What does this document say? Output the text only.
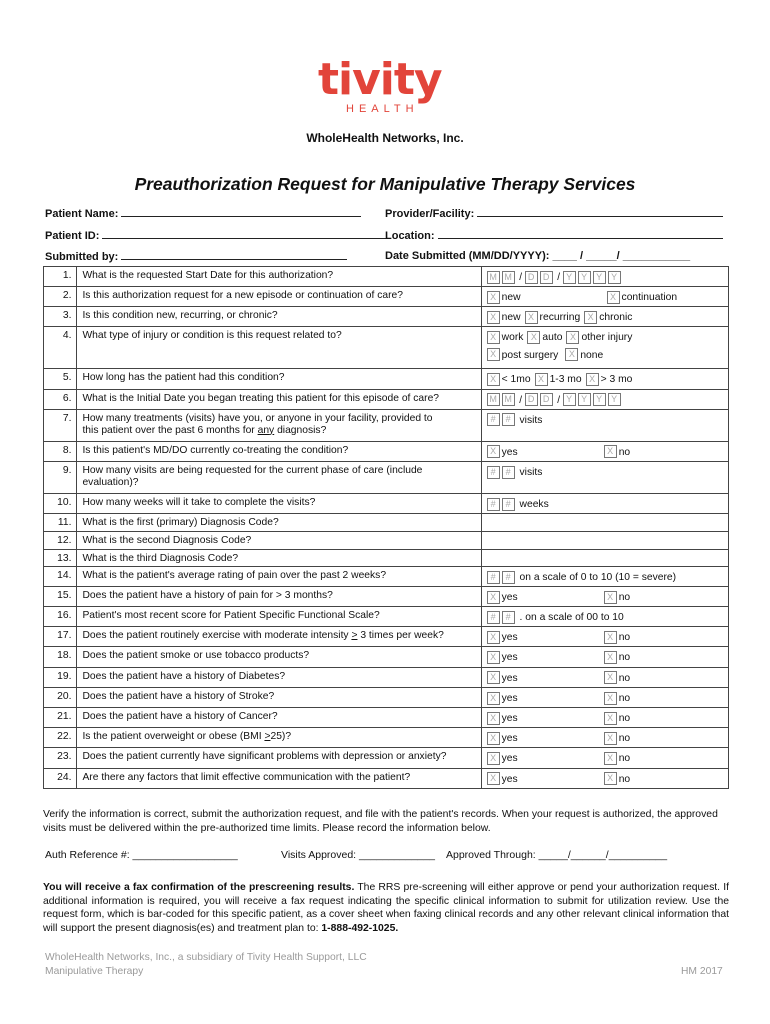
tivity
HEALTH
WholeHealth Networks, Inc.
Preauthorization Request for Manipulative Therapy Services
Patient Name:	Provider/Facility:
Patient ID:	Location:
Submitted by:	Date Submitted (MM/DD/YYYY): ____ / _____/ ___________
1.	What is the requested Start Date for this authorization?	M M / D D / Y Y Y Y

2.	Is this authorization request for a new episode or continuation of care?	X new X continuation

3.	Is this condition new, recurring, or chronic?	X new X recurring X chronic

4.	What type of injury or condition is this request related to?	X work X auto X other injury
X post surgery X none

5.	How long has the patient had this condition?	X < 1mo X 1-3 mo X > 3 mo

6.	What is the Initial Date you began treating this patient for this episode of care?	M M / D D / Y Y Y Y

7.	How many treatments (visits) have you, or anyone in your facility, provided to
this patient over the past 6 months for any diagnosis?	# # visits

8.	Is this patient's MD/DO currently co-treating the condition?	X yes X no

9.	How many visits are being requested for the current phase of care (include
evaluation)?	# # visits

10.	How many weeks will it take to complete the visits?	# # weeks

11.	What is the first (primary) Diagnosis Code?	
12.	What is the second Diagnosis Code?	
13.	What is the third Diagnosis Code?	
14.	What is the patient's average rating of pain over the past 2 weeks?	# # on a scale of 0 to 10 (10 = severe)

15.	Does the patient have a history of pain for > 3 months?	X yes X no

16.	Patient's most recent score for Patient Specific Functional Scale?	# # . on a scale of 00 to 10

17.	Does the patient routinely exercise with moderate intensity > 3 times per week?	X yes X no

18.	Does the patient smoke or use tobacco products?	X yes X no

19.	Does the patient have a history of Diabetes?	X yes X no

20.	Does the patient have a history of Stroke?	X yes X no

21.	Does the patient have a history of Cancer?	X yes X no

22.	Is the patient overweight or obese (BMI >25)?	X yes X no

23.	Does the patient currently have significant problems with depression or anxiety?	X yes X no

24.	Are there any factors that limit effective communication with the patient?	X yes X no
Verify the information is correct, submit the authorization request, and file with the patient's records. When your request is authorized, the approved visits must be delivered within the pre-authorized time limits. Please record the information below.
Auth Reference #: __________________	Visits Approved: _____________ Approved Through: _____/______/__________
You will receive a fax confirmation of the prescreening results. The RRS pre-screening will either approve or pend your authorization request. If additional information is required, you will receive a fax request indicating the specific clinical information to submit for utilization review. Use the request form, which is bar-coded for this specific patient, as a cover sheet when faxing clinical records and any other relevant clinical information that will support the present diagnosis(es) and treatment plan to: 1-888-492-1025.
WholeHealth Networks, Inc., a subsidiary of Tivity Health Support, LLC
Manipulative Therapy	HM 2017
